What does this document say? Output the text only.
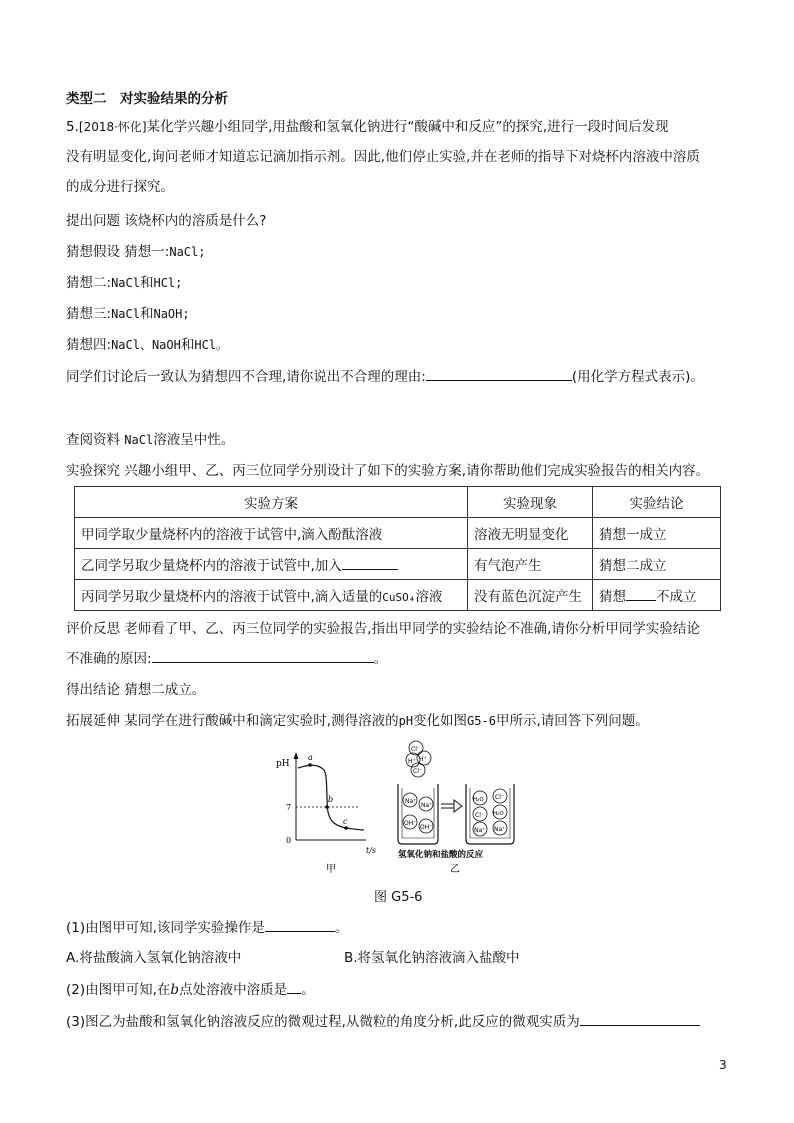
类型二　对实验结果的分析
5.[2018·怀化]某化学兴趣小组同学,用盐酸和氢氧化钠进行“酸碱中和反应”的探究,进行一段时间后发现
没有明显变化,询问老师才知道忘记滴加指示剂。因此,他们停止实验,并在老师的指导下对烧杯内溶液中溶质
的成分进行探究。
提出问题 该烧杯内的溶质是什么?
猜想假设 猜想一:NaCl;
猜想二:NaCl和HCl;
猜想三:NaCl和NaOH;
猜想四:NaCl、NaOH和HCl。
同学们讨论后一致认为猜想四不合理,请你说出不合理的理由:	(用化学方程式表示)。
查阅资料 NaCl溶液呈中性。
实验探究 兴趣小组甲、乙、丙三位同学分别设计了如下的实验方案,请你帮助他们完成实验报告的相关内容。
实验方案	实验现象	实验结论
甲同学取少量烧杯内的溶液于试管中,滴入酚酞溶液	溶液无明显变化	猜想一成立
乙同学另取少量烧杯内的溶液于试管中,加入	有气泡产生	猜想二成立
丙同学另取少量烧杯内的溶液于试管中,滴入适量的CuSO₄溶液	没有蓝色沉淀产生	猜想 不成立
评价反思 老师看了甲、乙、丙三位同学的实验报告,指出甲同学的实验结论不准确,请你分析甲同学实验结论
不准确的原因:	。
得出结论 猜想二成立。
拓展延伸 某同学在进行酸碱中和滴定实验时,测得溶液的pH变化如图G5-6甲所示,请回答下列问题。
pH
t/s
0
7
a
b
c
甲
Cl⁻
H⁺ H⁺
Cl⁻
Na⁺
Na⁺
OH⁻
OH⁻
H₂O Cl⁻
Cl⁻ H₂O
Na⁺ Na⁺
氢氧化钠和盐酸的反应
乙
图 G5-6
(1)由图甲可知,该同学实验操作是	。
A.将盐酸滴入氢氧化钠溶液中	B.将氢氧化钠溶液滴入盐酸中
(2)由图甲可知,在b点处溶液中溶质是 。
(3)图乙为盐酸和氢氧化钠溶液反应的微观过程,从微粒的角度分析,此反应的微观实质为
3
